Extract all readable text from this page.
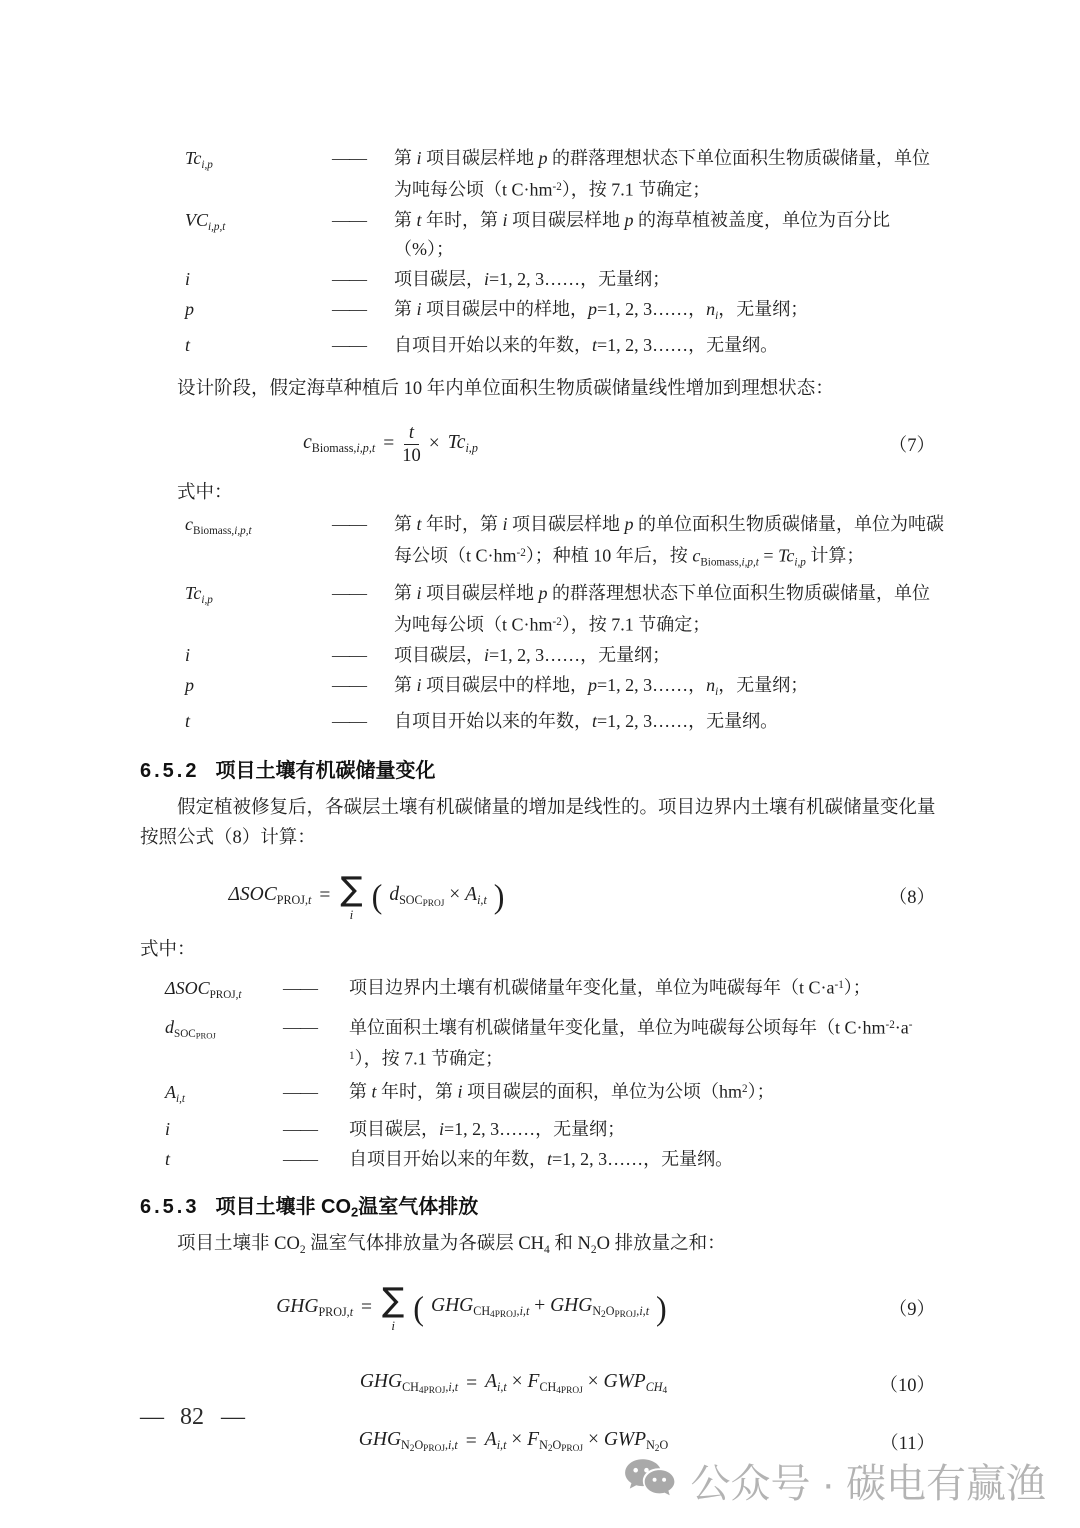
$Tc_{i,p}$	——	第 i 项目碳层样地 p 的群落理想状态下单位面积生物质碳储量，单位为吨每公顷（t $C\cdot hm^{-2}$），按 7.1 节确定；
$VC_{i,p,t}$	——	第 t 年时，第 i 项目碳层样地 p 的海草植被盖度，单位为百分比（%）；
i	——	项目碳层，i=1, 2, 3……，无量纲；
p	——	第 i 项目碳层中的样地，p=1, 2, 3……，$n_i$，无量纲；
t	——	自项目开始以来的年数，t=1, 2, 3……，无量纲。

设计阶段，假定海草种植后 10 年内单位面积生物质碳储量线性增加到理想状态：

$c_{Biomass,i,p,t} = \frac{t}{10} \times Tc_{i,p}$	（7）

式中：

$c_{Biomass,i,p,t}$	——	第 t 年时，第 i 项目碳层样地 p 的单位面积生物质碳储量，单位为吨碳每公顷（t $C\cdot hm^{-2}$）；种植 10 年后，按 $c_{Biomass,i,p,t} = Tc_{i,p}$ 计算；
$Tc_{i,p}$	——	第 i 项目碳层样地 p 的群落理想状态下单位面积生物质碳储量，单位为吨每公顷（t $C\cdot hm^{-2}$），按 7.1 节确定；
i	——	项目碳层，i=1, 2, 3……，无量纲；
p	——	第 i 项目碳层中的样地，p=1, 2, 3……，$n_i$，无量纲；
t	——	自项目开始以来的年数，t=1, 2, 3……，无量纲。
6.5.2 项目土壤有机碳储量变化

假定植被修复后，各碳层土壤有机碳储量的增加是线性的。项目边界内土壤有机碳储量变化量按照公式（8）计算：

$\Delta SOC_{PROJ,t}$ = ∑
i ( $d_{SOCPROJ} \times A_{i,t}$ )	（8）

式中：

$\Delta SOC_{PROJ,t}$	——	项目边界内土壤有机碳储量年变化量，单位为吨碳每年（t $C\cdot a^{-1}$）；
$d_{SOCPROJ}$	——	单位面积土壤有机碳储量年变化量，单位为吨碳每公顷每年（t $C\cdot hm^{-2}\cdot a^{-1}$），按 7.1 节确定；
$A_{i,t}$	——	第 t 年时，第 i 项目碳层的面积，单位为公顷$(hm^2)$；
i	——	项目碳层，i=1, 2, 3……，无量纲；
t	——	自项目开始以来的年数，t=1, 2, 3……，无量纲。
6.5.3 项目土壤非 CO2温室气体排放

项目土壤非 $CO_2$ 温室气体排放量为各碳层 $CH_4$ 和 $N_2O$ 排放量之和：

$GHG_{PROJ,t}$ = ∑
i ( $GHG_{CH4PROJ,i,t} + GHG_{N2OPROJ,i,t}$ )	（9）
$GHG_{CH4PROJ,i,t} = A_{i,t} \times F_{CH4PROJ} \times GWP_{CH4}$	（10）
$GHG_{N2OPROJ,i,t} = A_{i,t} \times F_{N2OPROJ} \times GWP_{N2O}$	（11）
— 82 —
公众号 · 碳电有赢渔
